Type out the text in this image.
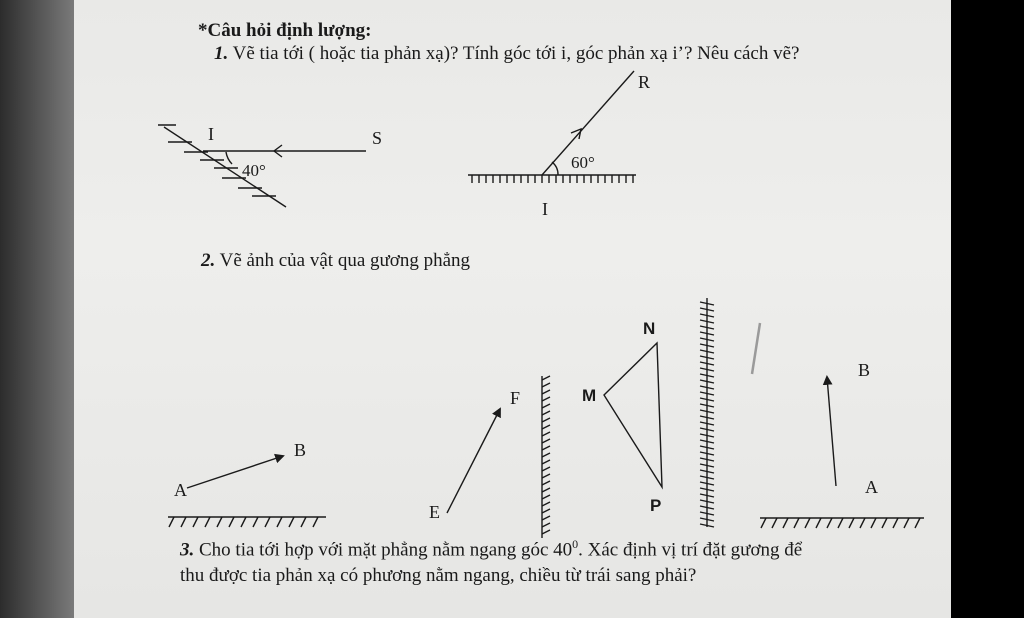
*Câu hỏi định lượng:
1. Vẽ tia tới ( hoặc tia phản xạ)? Tính góc tới i, góc phản xạ i’? Nêu cách vẽ?
2. Vẽ ảnh của vật qua gương phẳng
3. Cho tia tới hợp với mặt phẳng nằm ngang góc $40^0$. Xác định vị trí đặt gương để
thu được tia phản xạ có phương nằm ngang, chiều từ trái sang phải?
I	S
40°
R
60°
I
A
B
E
F	M
N
P
B
A
